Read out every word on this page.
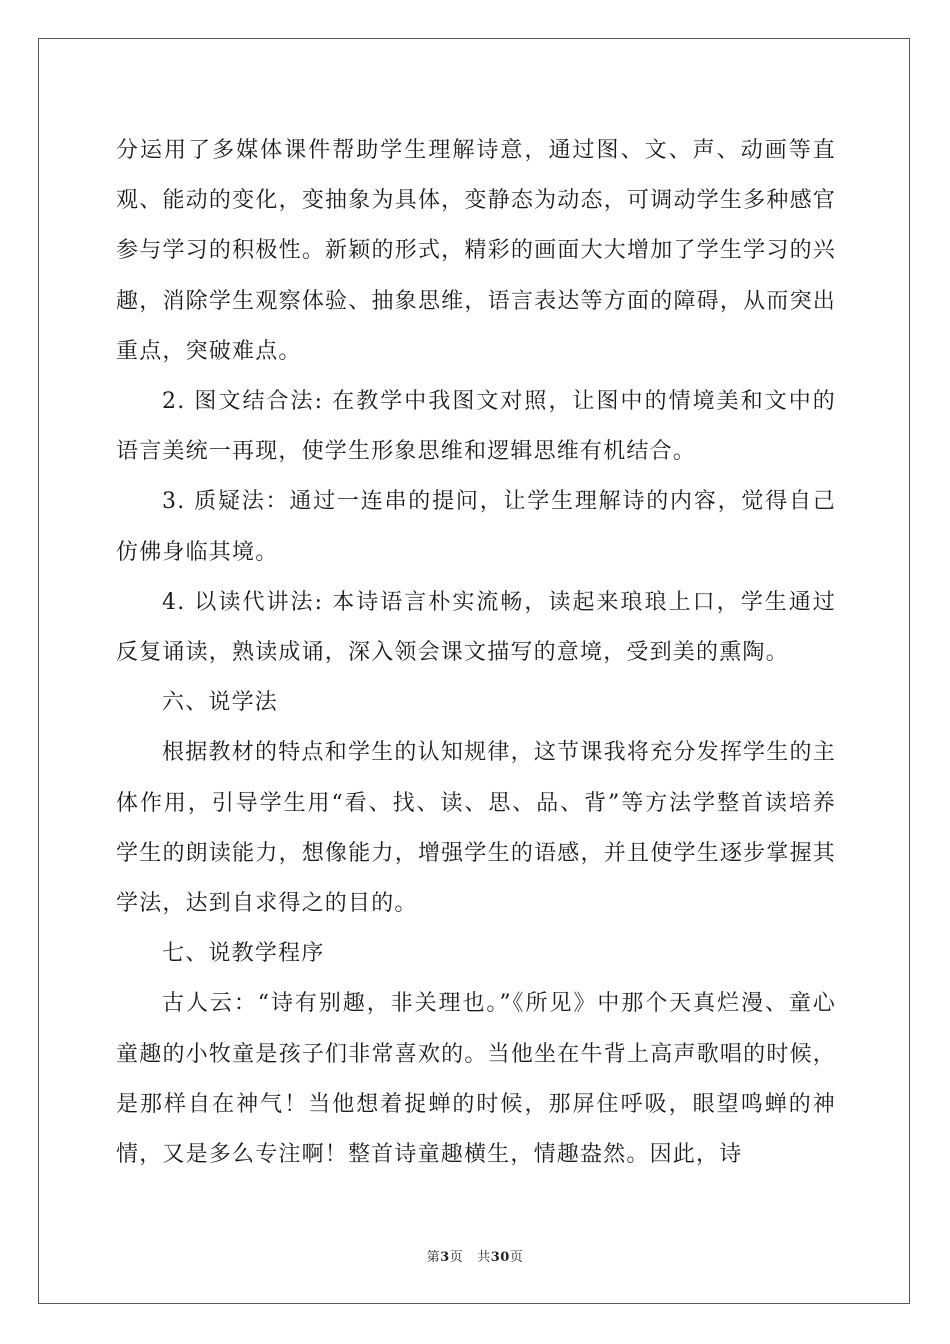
分运用了多媒体课件帮助学生理解诗意，通过图、文、声、动画等直观、能动的变化，变抽象为具体，变静态为动态，可调动学生多种感官参与学习的积极性。新颖的形式，精彩的画面大大增加了学生学习的兴趣，消除学生观察体验、抽象思维，语言表达等方面的障碍，从而突出重点，突破难点。

2. 图文结合法: 在教学中我图文对照，让图中的情境美和文中的语言美统一再现，使学生形象思维和逻辑思维有机结合。

3. 质疑法：通过一连串的提问，让学生理解诗的内容，觉得自己仿佛身临其境。

4. 以读代讲法: 本诗语言朴实流畅，读起来琅琅上口，学生通过反复诵读，熟读成诵，深入领会课文描写的意境，受到美的熏陶。

六、说学法

根据教材的特点和学生的认知规律，这节课我将充分发挥学生的主体作用，引导学生用“看、找、读、思、品、背”等方法学整首读培养学生的朗读能力，想像能力，增强学生的语感，并且使学生逐步掌握其学法，达到自求得之的目的。

七、说教学程序

古人云：“诗有别趣，非关理也。”《所见》中那个天真烂漫、童心童趣的小牧童是孩子们非常喜欢的。当他坐在牛背上高声歌唱的时候，是那样自在神气！当他想着捉蝉的时候，那屏住呼吸，眼望鸣蝉的神情，又是多么专注啊！整首诗童趣横生，情趣盎然。因此，诗

第3页 共30页
